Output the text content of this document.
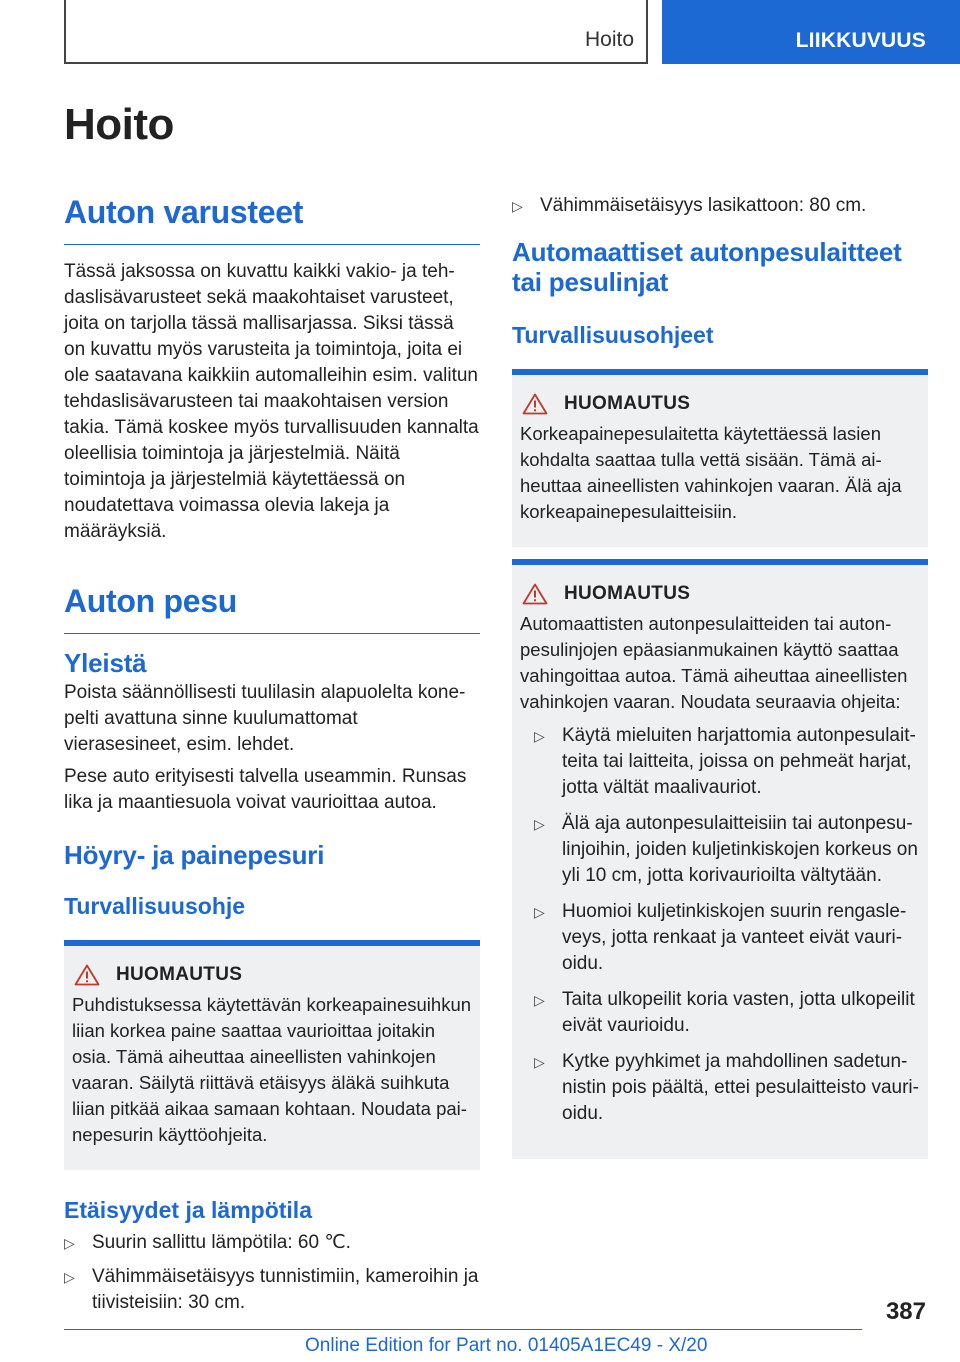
Hoito	LIIKKUVUUS
Hoito
Auton varusteet

Tässä jaksossa on kuvattu kaikki vakio- ja tehdaslisävarusteet sekä maakohtaiset varusteet, joita on tarjolla tässä mallisarjassa. Siksi tässä on kuvattu myös varusteita ja toimintoja, joita ei ole saatavana kaikkiin automalleihin esim. valitun tehdaslisävarusteen tai maakohtaisen version takia. Tämä koskee myös turvallisuuden kannalta oleellisia toimintoja ja järjestelmiä. Näitä toimintoja ja järjestelmiä käytettäessä on noudatettava voimassa olevia lakeja ja määräyksiä.

Auton pesu
Yleistä

Poista säännöllisesti tuulilasin alapuolelta konepelti avattuna sinne kuulumattomat vierasesineet, esim. lehdet.

Pese auto erityisesti talvella useammin. Runsas lika ja maantiesuola voivat vaurioittaa autoa.

Höyry- ja painepesuri
Turvallisuusohje
HUOMAUTUS

Puhdistuksessa käytettävän korkeapainesuihkun liian korkea paine saattaa vaurioittaa joitakin osia. Tämä aiheuttaa aineellisten vahinkojen vaaran. Säilytä riittävä etäisyys äläkä suihkuta liian pitkää aikaa samaan kohtaan. Noudata painepesurin käyttöohjeita.

Etäisyydet ja lämpötila
▷ Suurin sallittu lämpötila: 60 ℃.
▷ Vähimmäisetäisyys tunnistimiin, kameroihin ja tiivisteisiin: 30 cm.
▷ Vähimmäisetäisyys lasikattoon: 80 cm.
Automaattiset autonpesulaitteet tai pesulinjat
Turvallisuusohjeet
HUOMAUTUS

Korkeapainepesulaitetta käytettäessä lasien kohdalta saattaa tulla vettä sisään. Tämä aiheuttaa aineellisten vahinkojen vaaran. Älä aja korkeapainepesulaitteisiin.

HUOMAUTUS

Automaattisten autonpesulaitteiden tai autonpesulinjojen epäasianmukainen käyttö saattaa vahingoittaa autoa. Tämä aiheuttaa aineellisten vahinkojen vaaran. Noudata seuraavia ohjeita:

▷ Käytä mieluiten harjattomia autonpesulaitteita tai laitteita, joissa on pehmeät harjat, jotta vältät maalivauriot.
▷ Älä aja autonpesulaitteisiin tai autonpesulinjoihin, joiden kuljetinkiskojen korkeus on yli 10 cm, jotta korivaurioilta vältytään.
▷ Huomioi kuljetinkiskojen suurin rengasleveys, jotta renkaat ja vanteet eivät vaurioidu.
▷ Taita ulkopeilit koria vasten, jotta ulkopeilit eivät vaurioidu.
▷ Kytke pyyhkimet ja mahdollinen sadetunnistin pois päältä, ettei pesulaitteisto vaurioidu.
387
Online Edition for Part no. 01405A1EC49 - X/20
